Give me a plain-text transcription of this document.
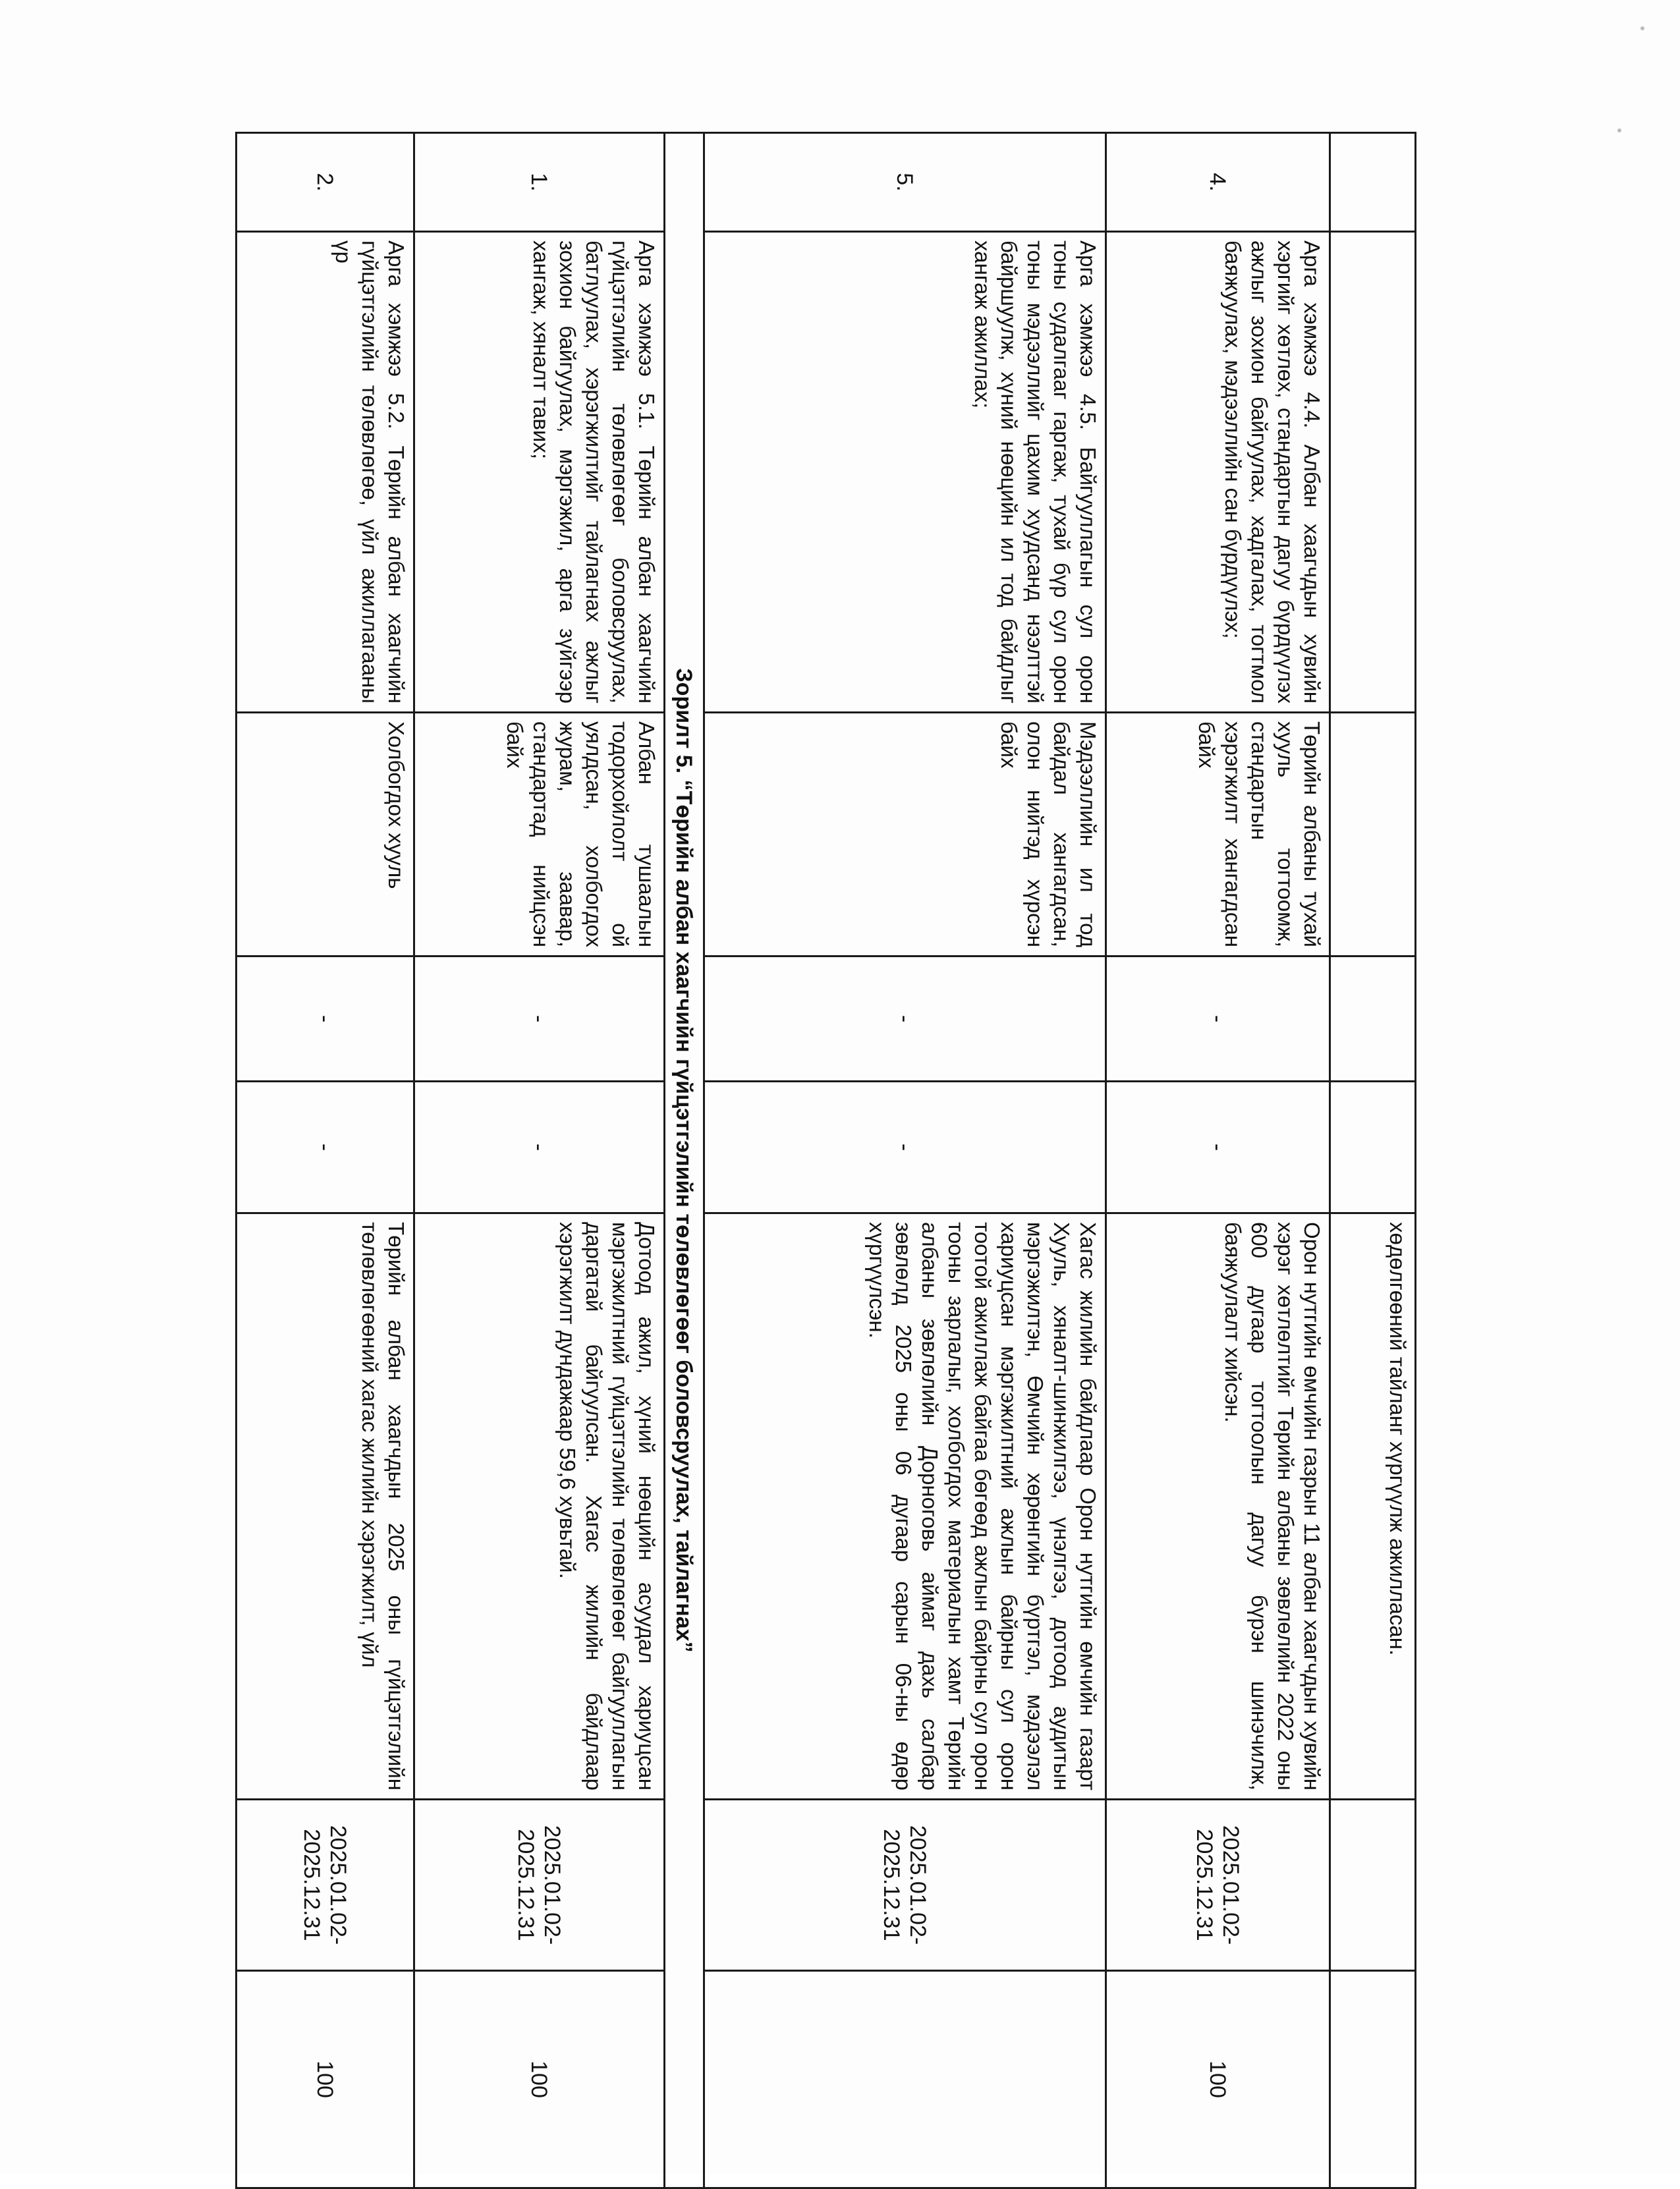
					хөдөлгөөний тайланг хүргүүлж ажилласан.		
4.	Арга хэмжээ 4.4. Албан хаагчдын хувийн хэргийг хөтлөх, стандартын дагуу бүрдүүлэх ажлыг зохион байгуулах, хадгалах, тогтмол баяжуулах, мэдээллийн сан бүрдүүлэх;	Төрийн албаны тухай хууль тогтоомж, стандартын хэрэгжилт хангагдсан байх	-	-	Орон нутгийн өмчийн газрын 11 албан хаагчдын хувийн хэрэг хөтлөлтийг Төрийн албаны зөвлөлийн 2022 оны 600 дугаар тогтоолын дагуу бүрэн шинэчилж, баяжуулалт хийсэн.	2025.01.02-2025.12.31	100
5.	Арга хэмжээ 4.5. Байгууллагын сул орон тоны судалгааг гаргаж, тухай бүр сул орон тоны мэдээллийг цахим хуудсанд нээлттэй байршуулж, хүний нөөцийн ил тод байдлыг хангаж ажиллах;	Мэдээллийн ил тод байдал хангагдсан, олон нийтэд хүрсэн байх	-	-	Хагас жилийн байдлаар Орон нутгийн өмчийн газарт Хууль, хяналт-шинжилгээ, үнэлгээ, дотоод аудитын мэргэжилтэн, Өмчийн хөрөнгийн бүртгэл, мэдээлэл хариуцсан мэргэжилтний ажлын байрны сул орон тоотой ажиллаж байгаа бөгөөд ажлын байрны сул орон тооны зарлалыг, холбогдох материалын хамт Төрийн албаны зөвлөлийн Дорноговь аймаг дахь салбар зөвлөлд 2025 оны 06 дугаар сарын 06-ны өдөр хүргүүлсэн.	2025.01.02-2025.12.31	
Зорилт 5. “Төрийн албан хаагчийн гүйцэтгэлийн төлөвлөгөөг боловсруулах, тайлагнах”							
1.	Арга хэмжээ 5.1. Төрийн албан хаагчийн гүйцэтгэлийн төлөвлөгөөг боловсруулах, батлуулах, хэрэгжилтийг тайлагнах ажлыг зохион байгуулах, мэргэжил, арга зүйгээр хангаж, хяналт тавих;	Албан тушаалын тодорхойлолт ой уялдсан, холбогдох журам, заавар, стандартад нийцсэн байх	-	-	Дотоод ажил, хүний нөөцийн асуудал хариуцсан мэргэжилтний гүйцэтгэлийн төлөвлөгөөг байгууллагын даргатай байгуулсан. Хагас жилийн байдлаар хэрэгжилт дундажаар 59,6 хувьтай.	2025.01.02-2025.12.31	100
2.	Арга хэмжээ 5.2. Төрийн албан хаагчийн гүйцэтгэлийн төлөвлөгөө, үйл ажиллагааны үр	Холбогдох хууль	-	-	Төрийн албан хаагчдын 2025 оны гүйцэтгэлийн төлөвлөгөөний хагас жилийн хэрэгжилт, үйл	2025.01.02-2025.12.31	100
